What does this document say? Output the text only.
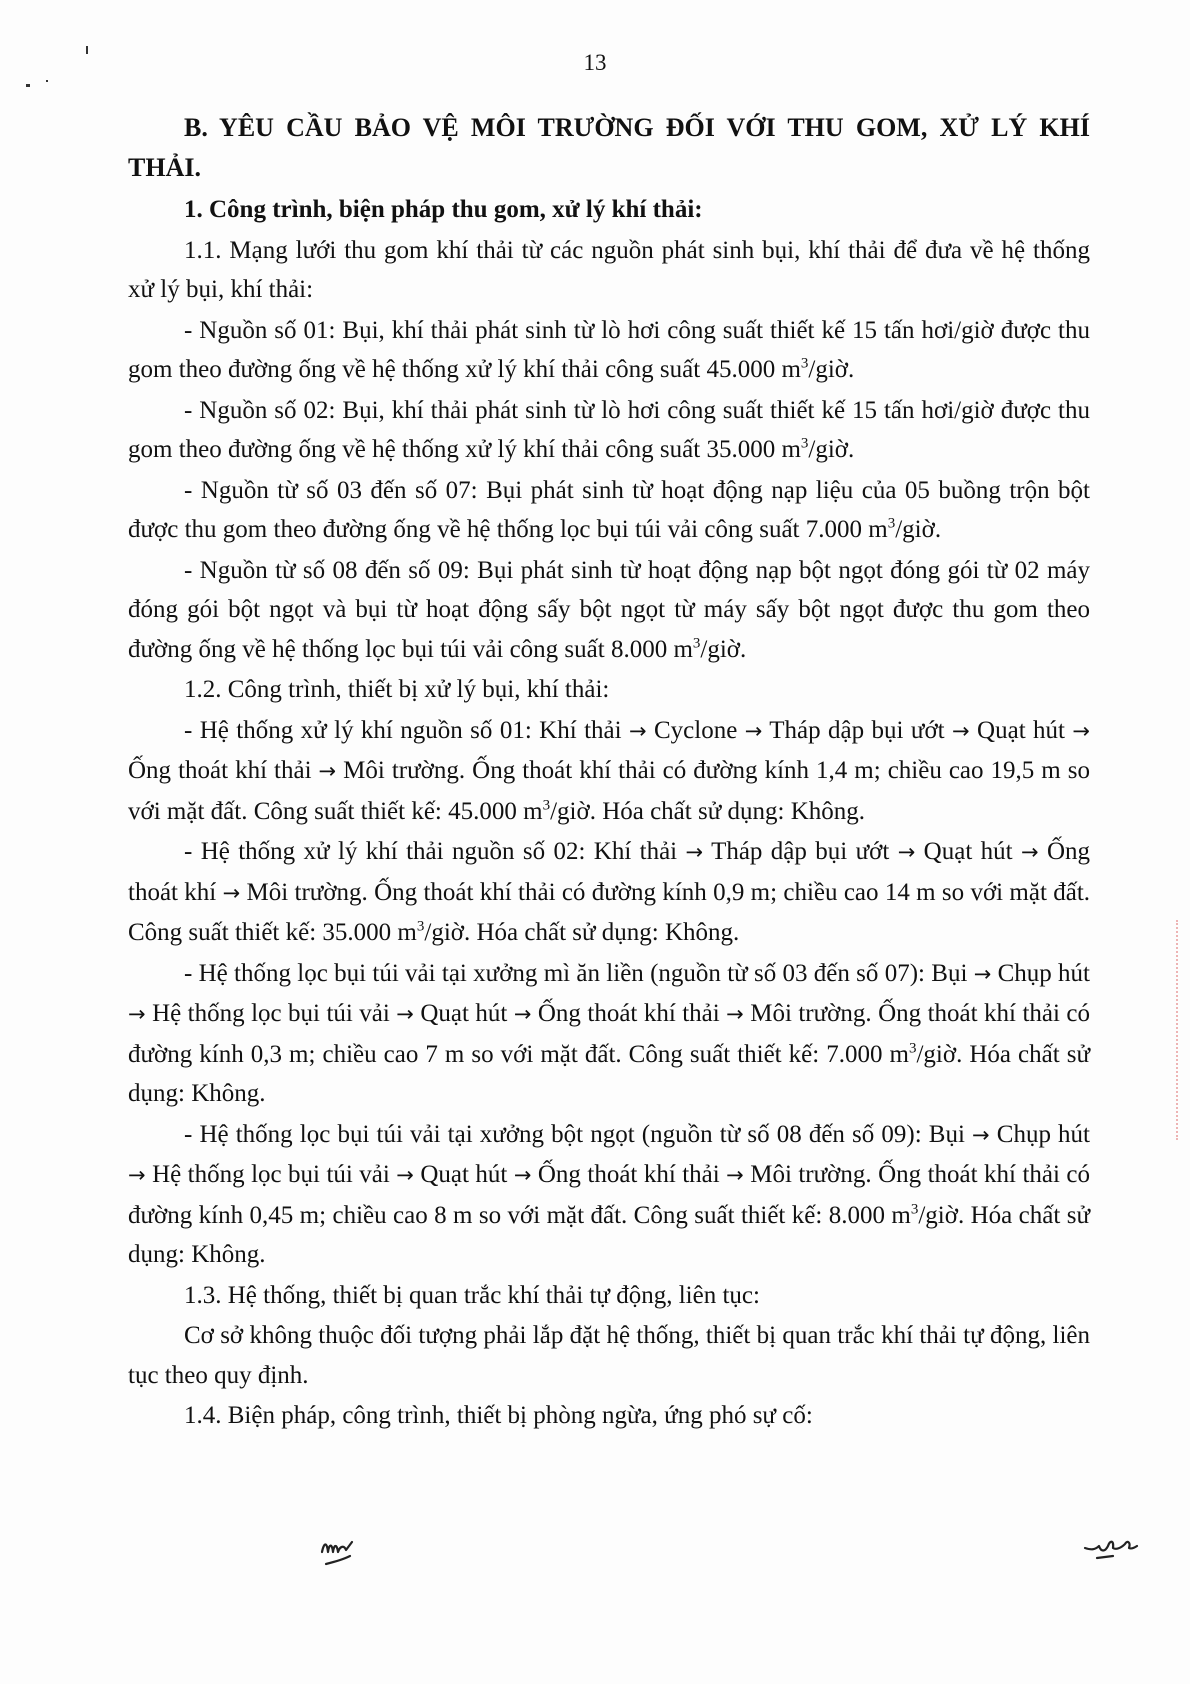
13

B. YÊU CẦU BẢO VỆ MÔI TRƯỜNG ĐỐI VỚI THU GOM, XỬ LÝ KHÍ THẢI.

1. Công trình, biện pháp thu gom, xử lý khí thải:

1.1. Mạng lưới thu gom khí thải từ các nguồn phát sinh bụi, khí thải để đưa về hệ thống xử lý bụi, khí thải:

- Nguồn số 01: Bụi, khí thải phát sinh từ lò hơi công suất thiết kế 15 tấn hơi/giờ được thu gom theo đường ống về hệ thống xử lý khí thải công suất 45.000 $m^3$/giờ.

- Nguồn số 02: Bụi, khí thải phát sinh từ lò hơi công suất thiết kế 15 tấn hơi/giờ được thu gom theo đường ống về hệ thống xử lý khí thải công suất 35.000 $m^3$/giờ.

- Nguồn từ số 03 đến số 07: Bụi phát sinh từ hoạt động nạp liệu của 05 buồng trộn bột được thu gom theo đường ống về hệ thống lọc bụi túi vải công suất 7.000 $m^3$/giờ.

- Nguồn từ số 08 đến số 09: Bụi phát sinh từ hoạt động nạp bột ngọt đóng gói từ 02 máy đóng gói bột ngọt và bụi từ hoạt động sấy bột ngọt từ máy sấy bột ngọt được thu gom theo đường ống về hệ thống lọc bụi túi vải công suất 8.000 $m^3$/giờ.

1.2. Công trình, thiết bị xử lý bụi, khí thải:

- Hệ thống xử lý khí nguồn số 01: Khí thải → Cyclone → Tháp dập bụi ướt → Quạt hút → Ống thoát khí thải → Môi trường. Ống thoát khí thải có đường kính 1,4 m; chiều cao 19,5 m so với mặt đất. Công suất thiết kế: 45.000 $m^3$/giờ. Hóa chất sử dụng: Không.

- Hệ thống xử lý khí thải nguồn số 02: Khí thải → Tháp dập bụi ướt → Quạt hút → Ống thoát khí → Môi trường. Ống thoát khí thải có đường kính 0,9 m; chiều cao 14 m so với mặt đất. Công suất thiết kế: 35.000 $m^3$/giờ. Hóa chất sử dụng: Không.

- Hệ thống lọc bụi túi vải tại xưởng mì ăn liền (nguồn từ số 03 đến số 07): Bụi → Chụp hút → Hệ thống lọc bụi túi vải → Quạt hút → Ống thoát khí thải → Môi trường. Ống thoát khí thải có đường kính 0,3 m; chiều cao 7 m so với mặt đất. Công suất thiết kế: 7.000 $m^3$/giờ. Hóa chất sử dụng: Không.

- Hệ thống lọc bụi túi vải tại xưởng bột ngọt (nguồn từ số 08 đến số 09): Bụi → Chụp hút → Hệ thống lọc bụi túi vải → Quạt hút → Ống thoát khí thải → Môi trường. Ống thoát khí thải có đường kính 0,45 m; chiều cao 8 m so với mặt đất. Công suất thiết kế: 8.000 $m^3$/giờ. Hóa chất sử dụng: Không.

1.3. Hệ thống, thiết bị quan trắc khí thải tự động, liên tục:

Cơ sở không thuộc đối tượng phải lắp đặt hệ thống, thiết bị quan trắc khí thải tự động, liên tục theo quy định.

1.4. Biện pháp, công trình, thiết bị phòng ngừa, ứng phó sự cố:
